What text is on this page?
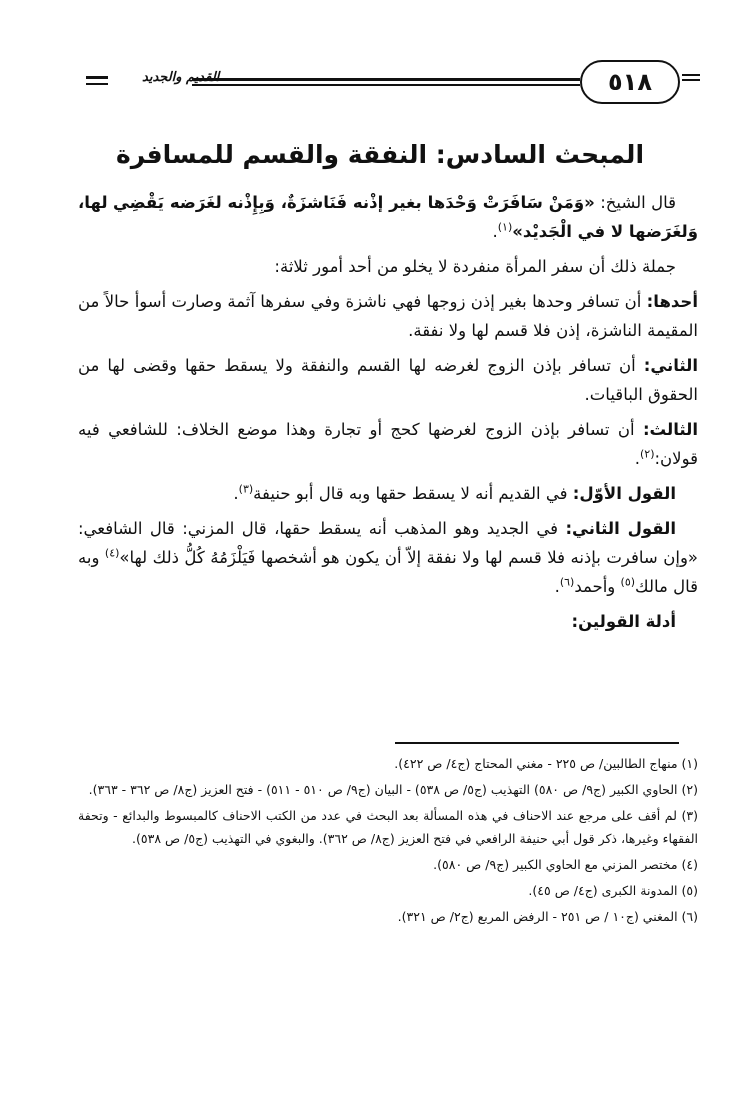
القديم والجديد	٥١٨
المبحث السادس: النفقة والقسم للمسافرة

قال الشيخ: «وَمَنْ سَافَرَتْ وَحْدَها بغير إذْنه فَنَاشزَةٌ، وَبِإِذْنه لغَرَضه يَقْضِي لها، وَلغَرَضها لا في الْجَديْد»$^{(١)}$.

جملة ذلك أن سفر المرأة منفردة لا يخلو من أحد أمور ثلاثة:

أحدها: أن تسافر وحدها بغير إذن زوجها فهي ناشزة وفي سفرها آثمة وصارت أسوأ حالاً من المقيمة الناشزة، إذن فلا قسم لها ولا نفقة.

الثاني: أن تسافر بإذن الزوج لغرضه لها القسم والنفقة ولا يسقط حقها وقضى لها من الحقوق الباقيات.

الثالث: أن تسافر بإذن الزوج لغرضها كحج أو تجارة وهذا موضع الخلاف: للشافعي فيه قولان:$^{(٢)}$.

القول الأوّل: في القديم أنه لا يسقط حقها وبه قال أبو حنيفة$^{(٣)}$.

القول الثاني: في الجديد وهو المذهب أنه يسقط حقها، قال المزني: قال الشافعي: «وإن سافرت بإذنه فلا قسم لها ولا نفقة إلاّ أن يكون هو أشخصها فَيَلْزَمُهُ كُلُّ ذلك لها»$^{(٤)}$ وبه قال مالك$^{(٥)}$ وأحمد$^{(٦)}$.

أدلة القولين:

(١) منهاج الطالبين/ ص ٢٢٥ - مغني المحتاج (ج٤/ ص ٤٢٢).

(٢) الحاوي الكبير (ج٩/ ص ٥٨٠) التهذيب (ج٥/ ص ٥٣٨) - البيان (ج٩/ ص ٥١٠ - ٥١١) - فتح العزيز (ج٨/ ص ٣٦٢ - ٣٦٣).

(٣) لم أقف على مرجع عند الاحناف في هذه المسألة بعد البحث في عدد من الكتب الاحناف كالمبسوط والبدائع - وتحفة الفقهاء وغيرها، ذكر قول أبي حنيفة الرافعي في فتح العزيز (ج٨/ ص ٣٦٢). والبغوي في التهذيب (ج٥/ ص ٥٣٨).

(٤) مختصر المزني مع الحاوي الكبير (ج٩/ ص ٥٨٠).

(٥) المدونة الكبرى (ج٤/ ص ٤٥).

(٦) المغني (ج١٠ / ص ٢٥١ - الرفض المربع (ج٢/ ص ٣٢١).
